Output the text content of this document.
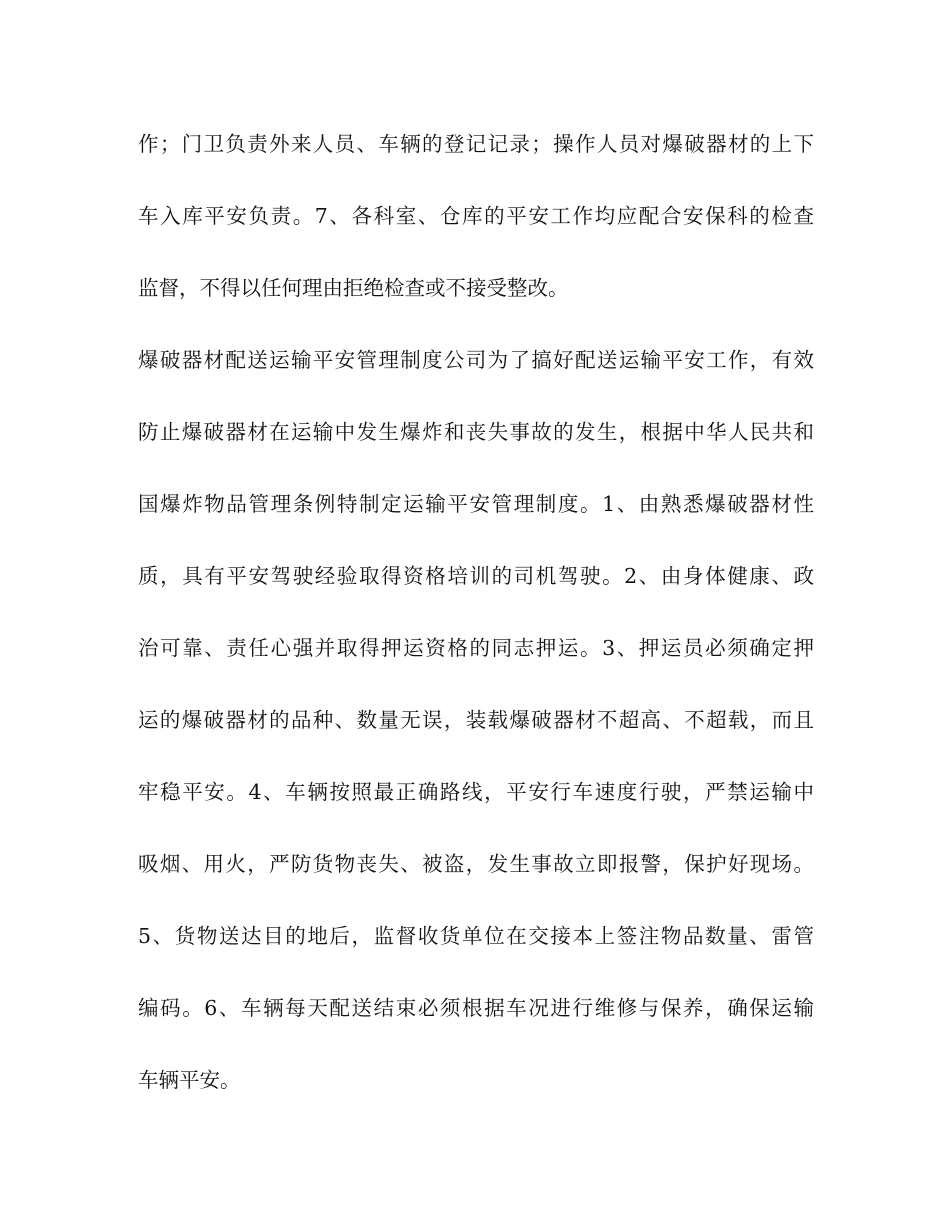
作；门卫负责外来人员、车辆的登记记录；操作人员对爆破器材的上下
车入库平安负责。7、各科室、仓库的平安工作均应配合安保科的检查
监督，不得以任何理由拒绝检查或不接受整改。
爆破器材配送运输平安管理制度公司为了搞好配送运输平安工作，有效
防止爆破器材在运输中发生爆炸和丧失事故的发生，根据中华人民共和
国爆炸物品管理条例特制定运输平安管理制度。1、由熟悉爆破器材性
质，具有平安驾驶经验取得资格培训的司机驾驶。2、由身体健康、政
治可靠、责任心强并取得押运资格的同志押运。3、押运员必须确定押
运的爆破器材的品种、数量无误，装载爆破器材不超高、不超载，而且
牢稳平安。4、车辆按照最正确路线，平安行车速度行驶，严禁运输中
吸烟、用火，严防货物丧失、被盗，发生事故立即报警，保护好现场。
5、货物送达目的地后，监督收货单位在交接本上签注物品数量、雷管
编码。6、车辆每天配送结束必须根据车况进行维修与保养，确保运输
车辆平安。
